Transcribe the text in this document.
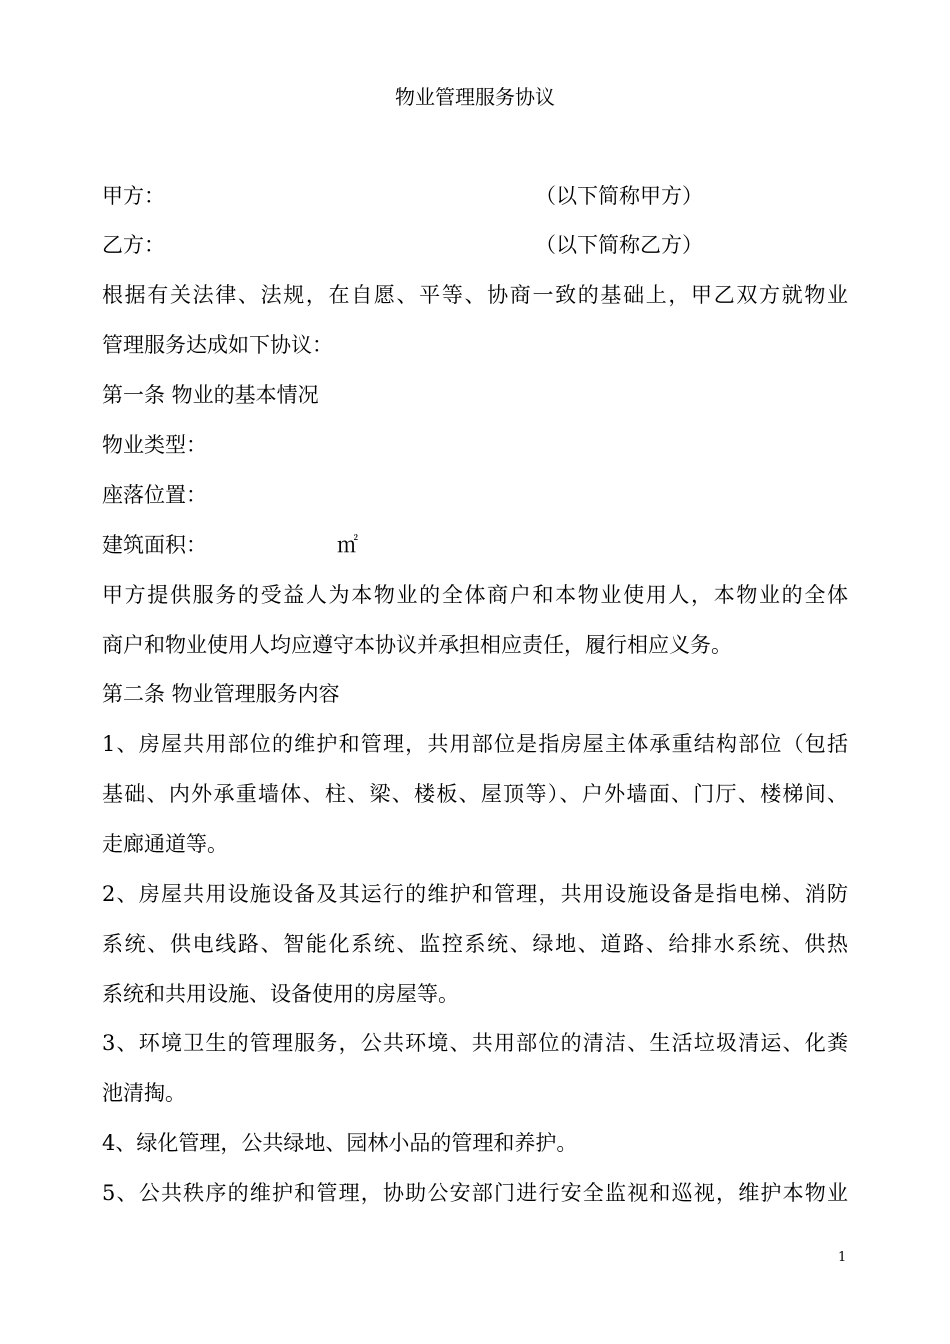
物业管理服务协议
甲方：	（以下简称甲方）
乙方：	（以下简称乙方）
根据有关法律、法规，在自愿、平等、协商一致的基础上，甲乙双方就物业
管理服务达成如下协议：
第一条 物业的基本情况
物业类型：
座落位置：
建筑面积：	㎡
甲方提供服务的受益人为本物业的全体商户和本物业使用人，本物业的全体
商户和物业使用人均应遵守本协议并承担相应责任，履行相应义务。
第二条 物业管理服务内容
1、房屋共用部位的维护和管理，共用部位是指房屋主体承重结构部位（包括
基础、内外承重墙体、柱、梁、楼板、屋顶等）、户外墙面、门厅、楼梯间、
走廊通道等。
2、房屋共用设施设备及其运行的维护和管理，共用设施设备是指电梯、消防
系统、供电线路、智能化系统、监控系统、绿地、道路、给排水系统、供热
系统和共用设施、设备使用的房屋等。
3、环境卫生的管理服务，公共环境、共用部位的清洁、生活垃圾清运、化粪
池清掏。
4、绿化管理，公共绿地、园林小品的管理和养护。
5、公共秩序的维护和管理，协助公安部门进行安全监视和巡视，维护本物业
1
